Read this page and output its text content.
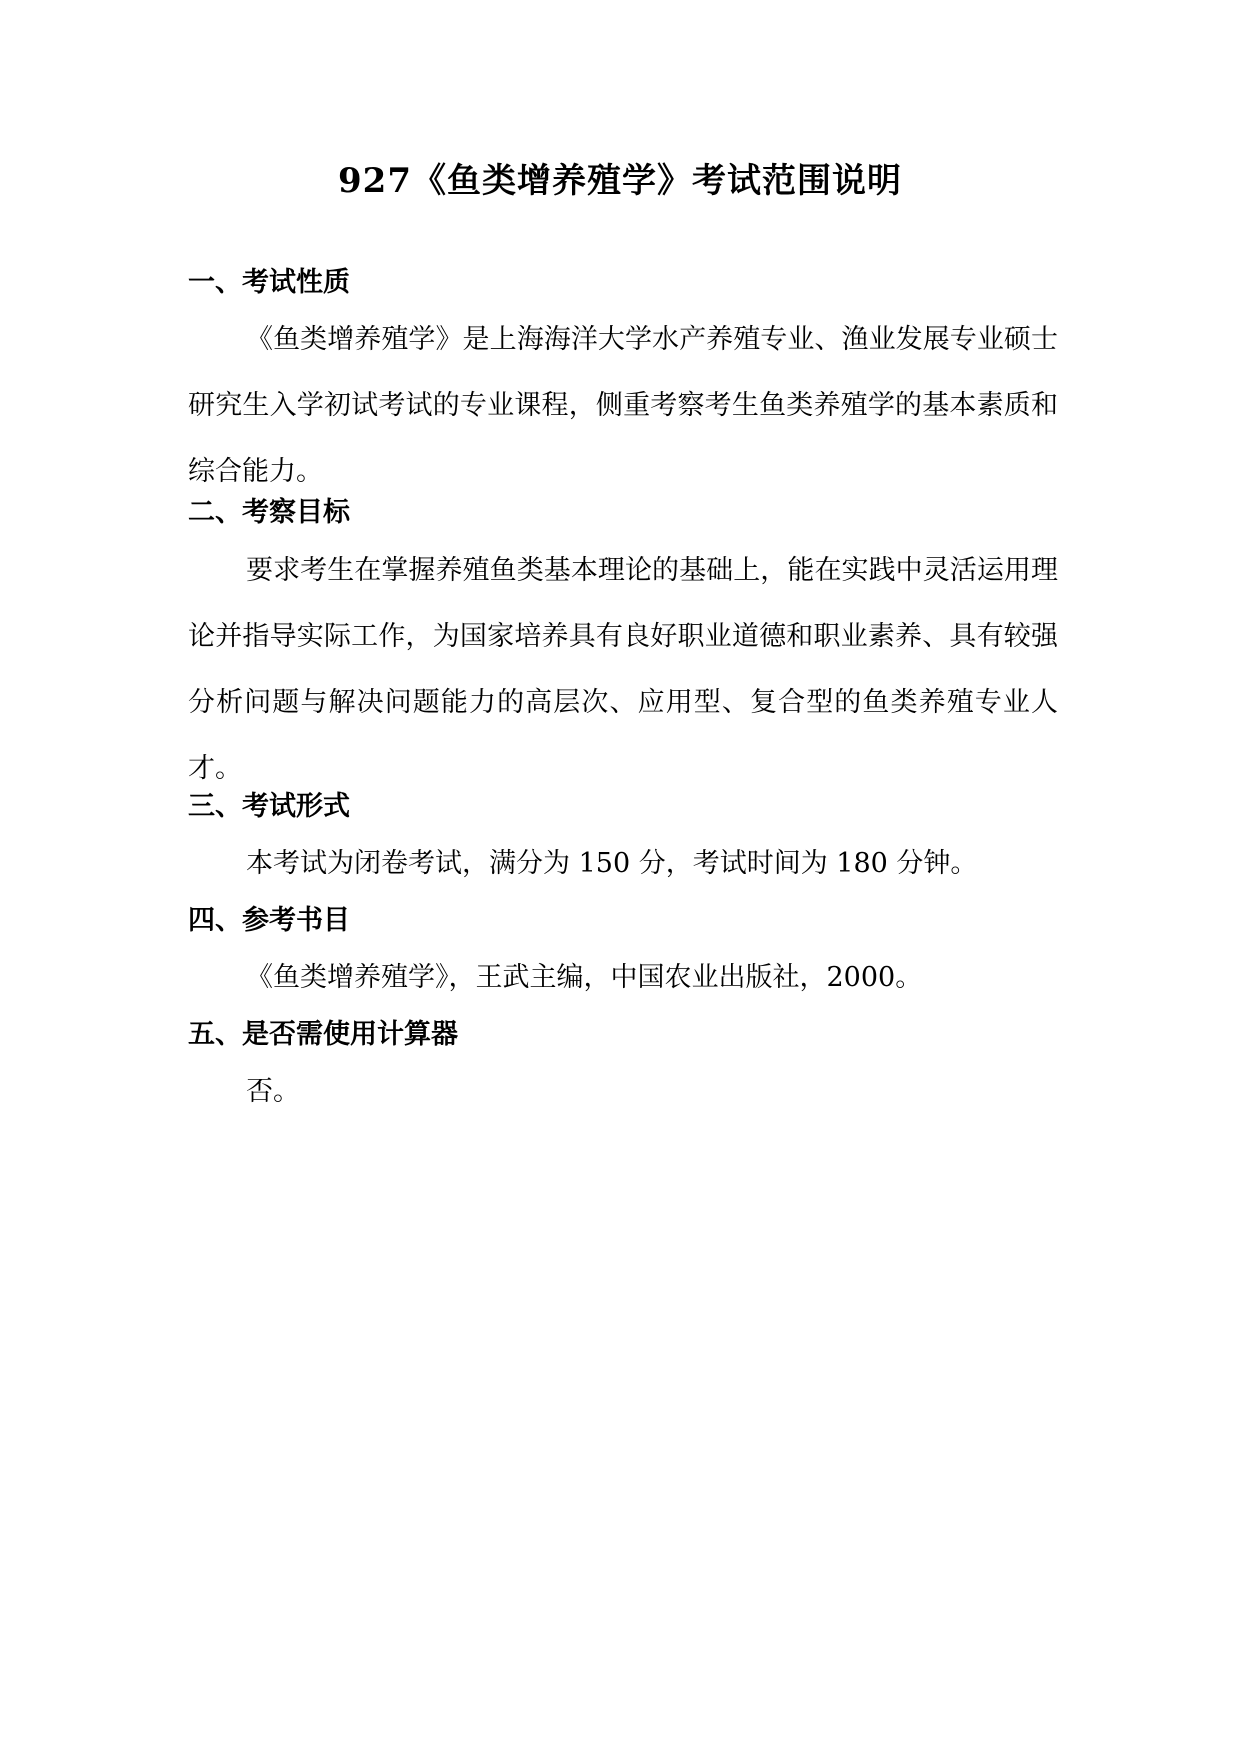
927《鱼类增养殖学》考试范围说明
一、考试性质
《鱼类增养殖学》是上海海洋大学水产养殖专业、渔业发展专业硕士研究生入学初试考试的专业课程，侧重考察考生鱼类养殖学的基本素质和综合能力。
二、考察目标
要求考生在掌握养殖鱼类基本理论的基础上，能在实践中灵活运用理论并指导实际工作，为国家培养具有良好职业道德和职业素养、具有较强分析问题与解决问题能力的高层次、应用型、复合型的鱼类养殖专业人才。
三、考试形式
本考试为闭卷考试，满分为 150 分，考试时间为 180 分钟。
四、参考书目
《鱼类增养殖学》，王武主编，中国农业出版社，2000。
五、是否需使用计算器
否。
